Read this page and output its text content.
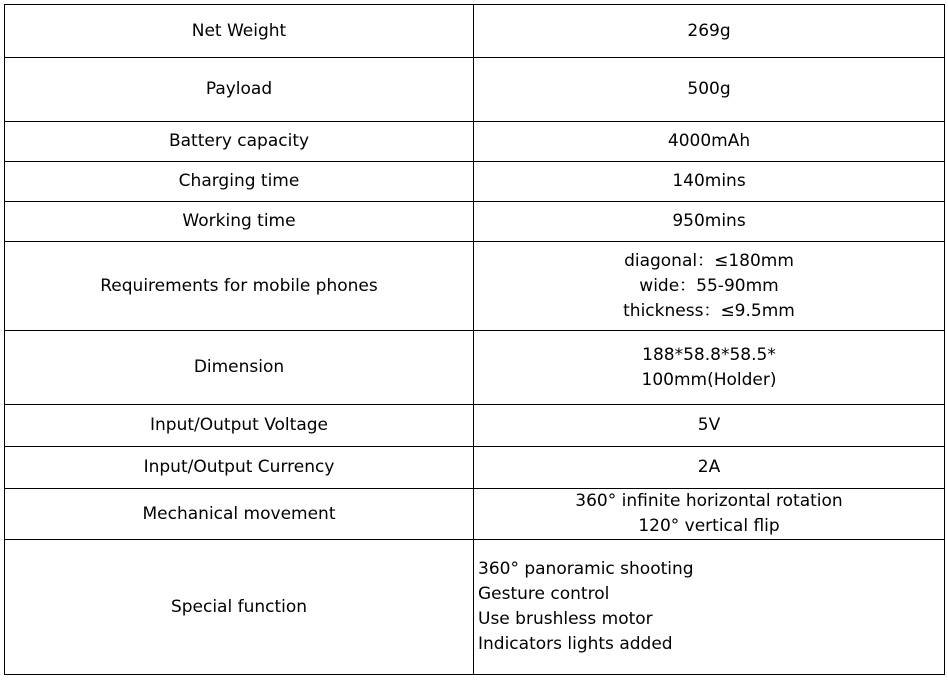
Net Weight	269g

Payload	500g

Battery capacity	4000mAh

Charging time	140mins

Working time	950mins

Requirements for mobile phones	diagonal：≤180mm
wide：55-90mm
thickness：≤9.5mm

Dimension	188*58.8*58.5*
100mm(Holder)

Input/Output Voltage	5V

Input/Output Currency	2A

Mechanical movement	360° infinite horizontal rotation
120° vertical flip

Special function	360° panoramic shooting
Gesture control
Use brushless motor
Indicators lights added
